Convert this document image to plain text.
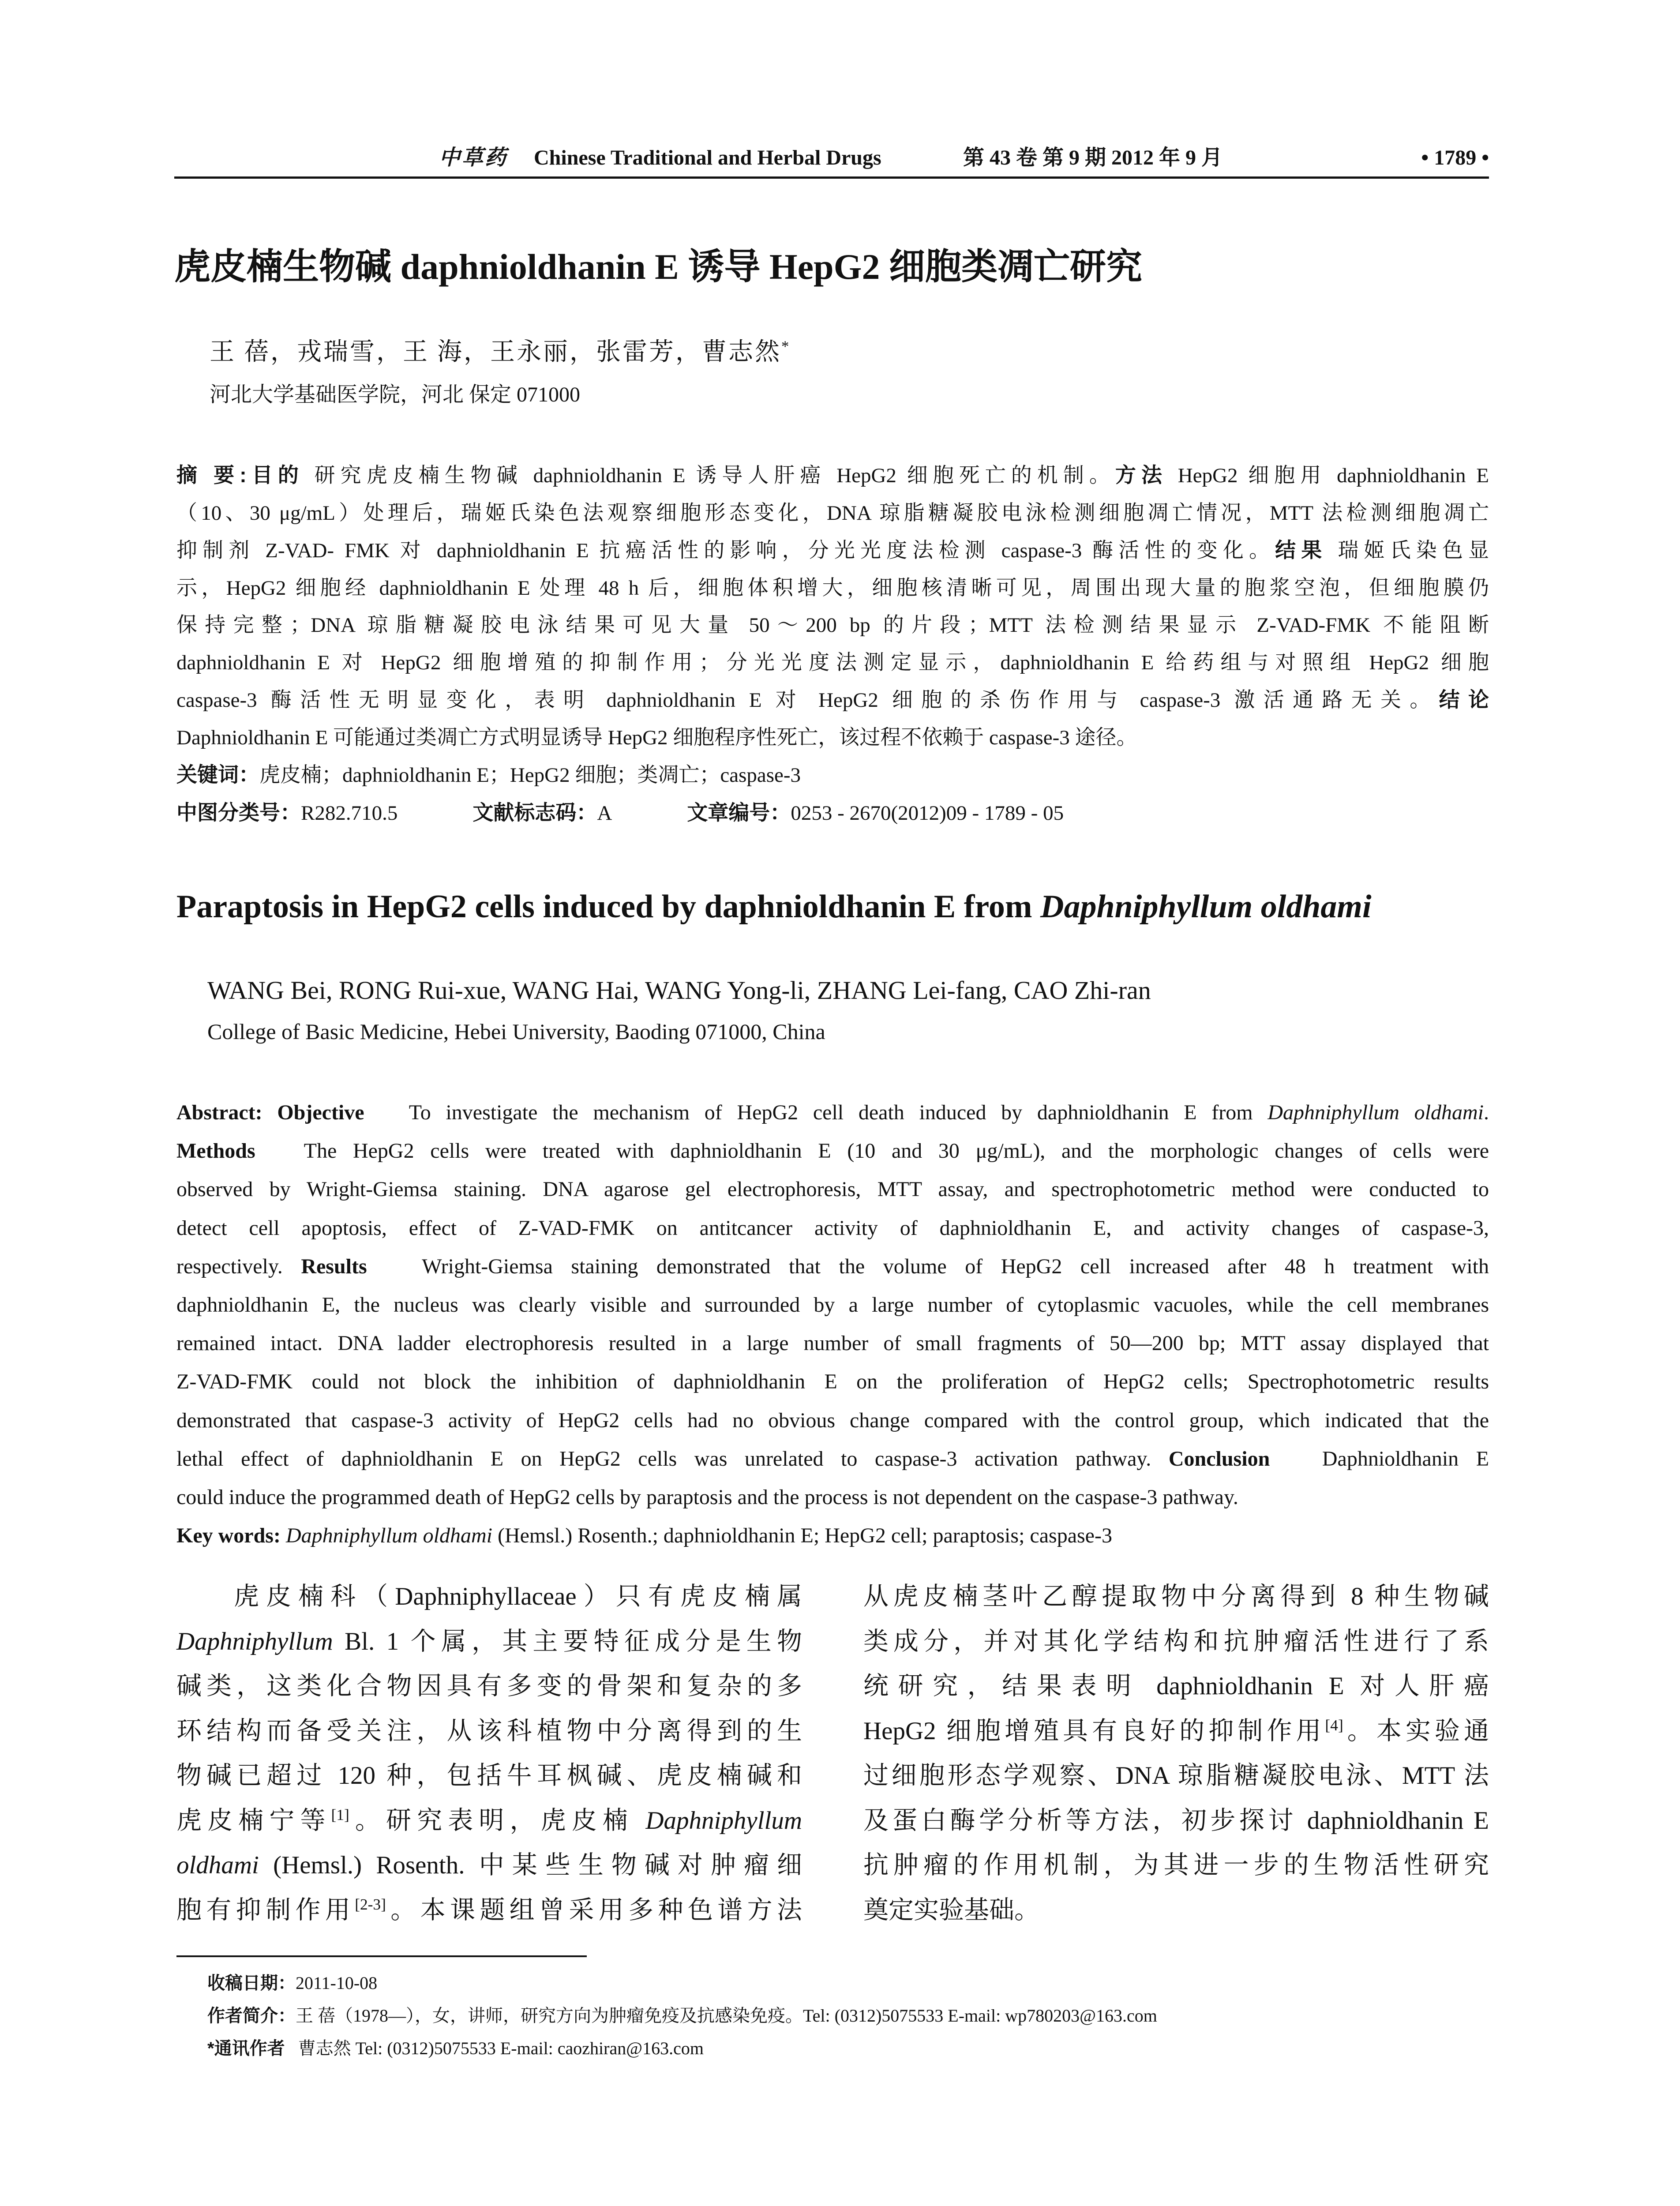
中草药 Chinese Traditional and Herbal Drugs	第 43 卷 第 9 期 2012 年 9 月	• 1789 •
虎皮楠生物碱 daphnioldhanin E 诱导 HepG2 细胞类凋亡研究
王 蓓，戎瑞雪，王 海，王永丽，张雷芳，曹志然*
河北大学基础医学院，河北 保定 071000
摘 要:目的 研究虎皮楠生物碱 daphnioldhanin E 诱导人肝癌 HepG2 细胞死亡的机制。方法 HepG2 细胞用 daphnioldhanin E
（10、30 μg/mL）处理后，瑞姬氏染色法观察细胞形态变化，DNA 琼脂糖凝胶电泳检测细胞凋亡情况，MTT 法检测细胞凋亡
抑制剂 Z-VAD- FMK 对 daphnioldhanin E 抗癌活性的影响，分光光度法检测 caspase-3 酶活性的变化。结果 瑞姬氏染色显
示，HepG2 细胞经 daphnioldhanin E 处理 48 h 后，细胞体积增大，细胞核清晰可见，周围出现大量的胞浆空泡，但细胞膜仍
保持完整；DNA 琼脂糖凝胶电泳结果可见大量 50～200 bp 的片段；MTT 法检测结果显示 Z-VAD-FMK 不能阻断
daphnioldhanin E 对 HepG2 细胞增殖的抑制作用；分光光度法测定显示，daphnioldhanin E 给药组与对照组 HepG2 细胞
caspase-3 酶活性无明显变化，表明 daphnioldhanin E 对 HepG2 细胞的杀伤作用与 caspase-3 激活通路无关。结论
Daphnioldhanin E 可能通过类凋亡方式明显诱导 HepG2 细胞程序性死亡，该过程不依赖于 caspase-3 途径。
关键词：虎皮楠；daphnioldhanin E；HepG2 细胞；类凋亡；caspase-3
中图分类号：R282.710.5	文献标志码：A	文章编号：0253 - 2670(2012)09 - 1789 - 05
Paraptosis in HepG2 cells induced by daphnioldhanin E from Daphniphyllum oldhami
WANG Bei, RONG Rui-xue, WANG Hai, WANG Yong-li, ZHANG Lei-fang, CAO Zhi-ran
College of Basic Medicine, Hebei University, Baoding 071000, China
Abstract: Objective To investigate the mechanism of HepG2 cell death induced by daphnioldhanin E from Daphniphyllum oldhami.
Methods The HepG2 cells were treated with daphnioldhanin E (10 and 30 μg/mL), and the morphologic changes of cells were
observed by Wright-Giemsa staining. DNA agarose gel electrophoresis, MTT assay, and spectrophotometric method were conducted to
detect cell apoptosis, effect of Z-VAD-FMK on antitcancer activity of daphnioldhanin E, and activity changes of caspase-3,
respectively. Results	Wright-Giemsa staining demonstrated that the volume of HepG2 cell increased after 48 h treatment with
daphnioldhanin E, the nucleus was clearly visible and surrounded by a large number of cytoplasmic vacuoles, while the cell membranes
remained intact. DNA ladder electrophoresis resulted in a large number of small fragments of 50—200 bp; MTT assay displayed that
Z-VAD-FMK could not block the inhibition of daphnioldhanin E on the proliferation of HepG2 cells; Spectrophotometric results
demonstrated that caspase-3 activity of HepG2 cells had no obvious change compared with the control group, which indicated that the
lethal effect of daphnioldhanin E on HepG2 cells was unrelated to caspase-3 activation pathway. Conclusion Daphnioldhanin E
could induce the programmed death of HepG2 cells by paraptosis and the process is not dependent on the caspase-3 pathway.
Key words: Daphniphyllum oldhami (Hemsl.) Rosenth.; daphnioldhanin E; HepG2 cell; paraptosis; caspase-3
虎皮楠科（Daphniphyllaceae）只有虎皮楠属
Daphniphyllum Bl. 1 个属，其主要特征成分是生物
碱类，这类化合物因具有多变的骨架和复杂的多
环结构而备受关注，从该科植物中分离得到的生
物碱已超过 120 种，包括牛耳枫碱、虎皮楠碱和
虎皮楠宁等[1]。研究表明，虎皮楠 Daphniphyllum
oldhami (Hemsl.) Rosenth. 中某些生物碱对肿瘤细
胞有抑制作用[2-3]。本课题组曾采用多种色谱方法
从虎皮楠茎叶乙醇提取物中分离得到 8 种生物碱
类成分，并对其化学结构和抗肿瘤活性进行了系
统研究，结果表明 daphnioldhanin E 对人肝癌
HepG2 细胞增殖具有良好的抑制作用[4]。本实验通
过细胞形态学观察、DNA 琼脂糖凝胶电泳、MTT 法
及蛋白酶学分析等方法，初步探讨 daphnioldhanin E
抗肿瘤的作用机制，为其进一步的生物活性研究
奠定实验基础。
收稿日期：2011-10-08
作者简介：王 蓓（1978—），女，讲师，研究方向为肿瘤免疫及抗感染免疫。Tel: (0312)5075533 E-mail: wp780203@163.com
*通讯作者 曹志然 Tel: (0312)5075533 E-mail: caozhiran@163.com
